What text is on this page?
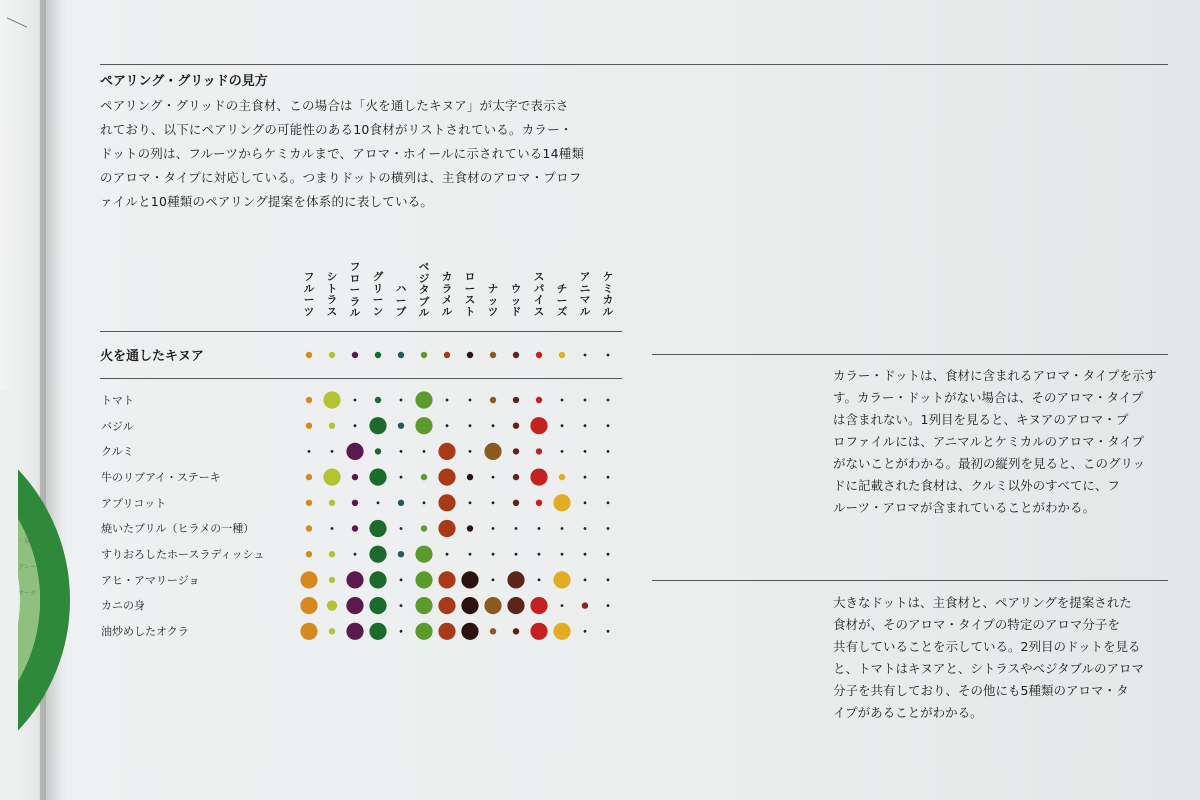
・量
グレー
オーガ
ペアリング・グリッドの見方

ペアリング・グリッドの主食材、この場合は「火を通したキヌア」が太字で表示さ

れており、以下にペアリングの可能性のある10食材がリストされている。カラー・

ドットの列は、フルーツからケミカルまで、アロマ・ホイールに示されている14種類

のアロマ・タイプに対応している。つまりドットの横列は、主食材のアロマ・プロフ

ァイルと10種類のペアリング提案を体系的に表している。

フルーツ
シトラス
フローラル
グリーン
ハーブ
ベジタブル
カラメル
ロースト
ナッツ
ウッド
スパイス
チーズ
アニマル
ケミカル
火を通したキヌア
トマト
バジル
クルミ
牛のリブアイ・ステーキ
アプリコット
焼いたブリル（ヒラメの一種）
すりおろしたホースラディッシュ
アヒ・アマリージョ
カニの身
油炒めしたオクラ

カラー・ドットは、食材に含まれるアロマ・タイプを示す

す。カラー・ドットがない場合は、そのアロマ・タイプ

は含まれない。1列目を見ると、キヌアのアロマ・プ

ロファイルには、アニマルとケミカルのアロマ・タイプ

がないことがわかる。最初の縦列を見ると、このグリッ

ドに記載された食材は、クルミ以外のすべてに、フ

ルーツ・アロマが含まれていることがわかる。

大きなドットは、主食材と、ペアリングを提案された

食材が、そのアロマ・タイプの特定のアロマ分子を

共有していることを示している。2列目のドットを見る

と、トマトはキヌアと、シトラスやベジタブルのアロマ

分子を共有しており、その他にも5種類のアロマ・タ

イプがあることがわかる。
